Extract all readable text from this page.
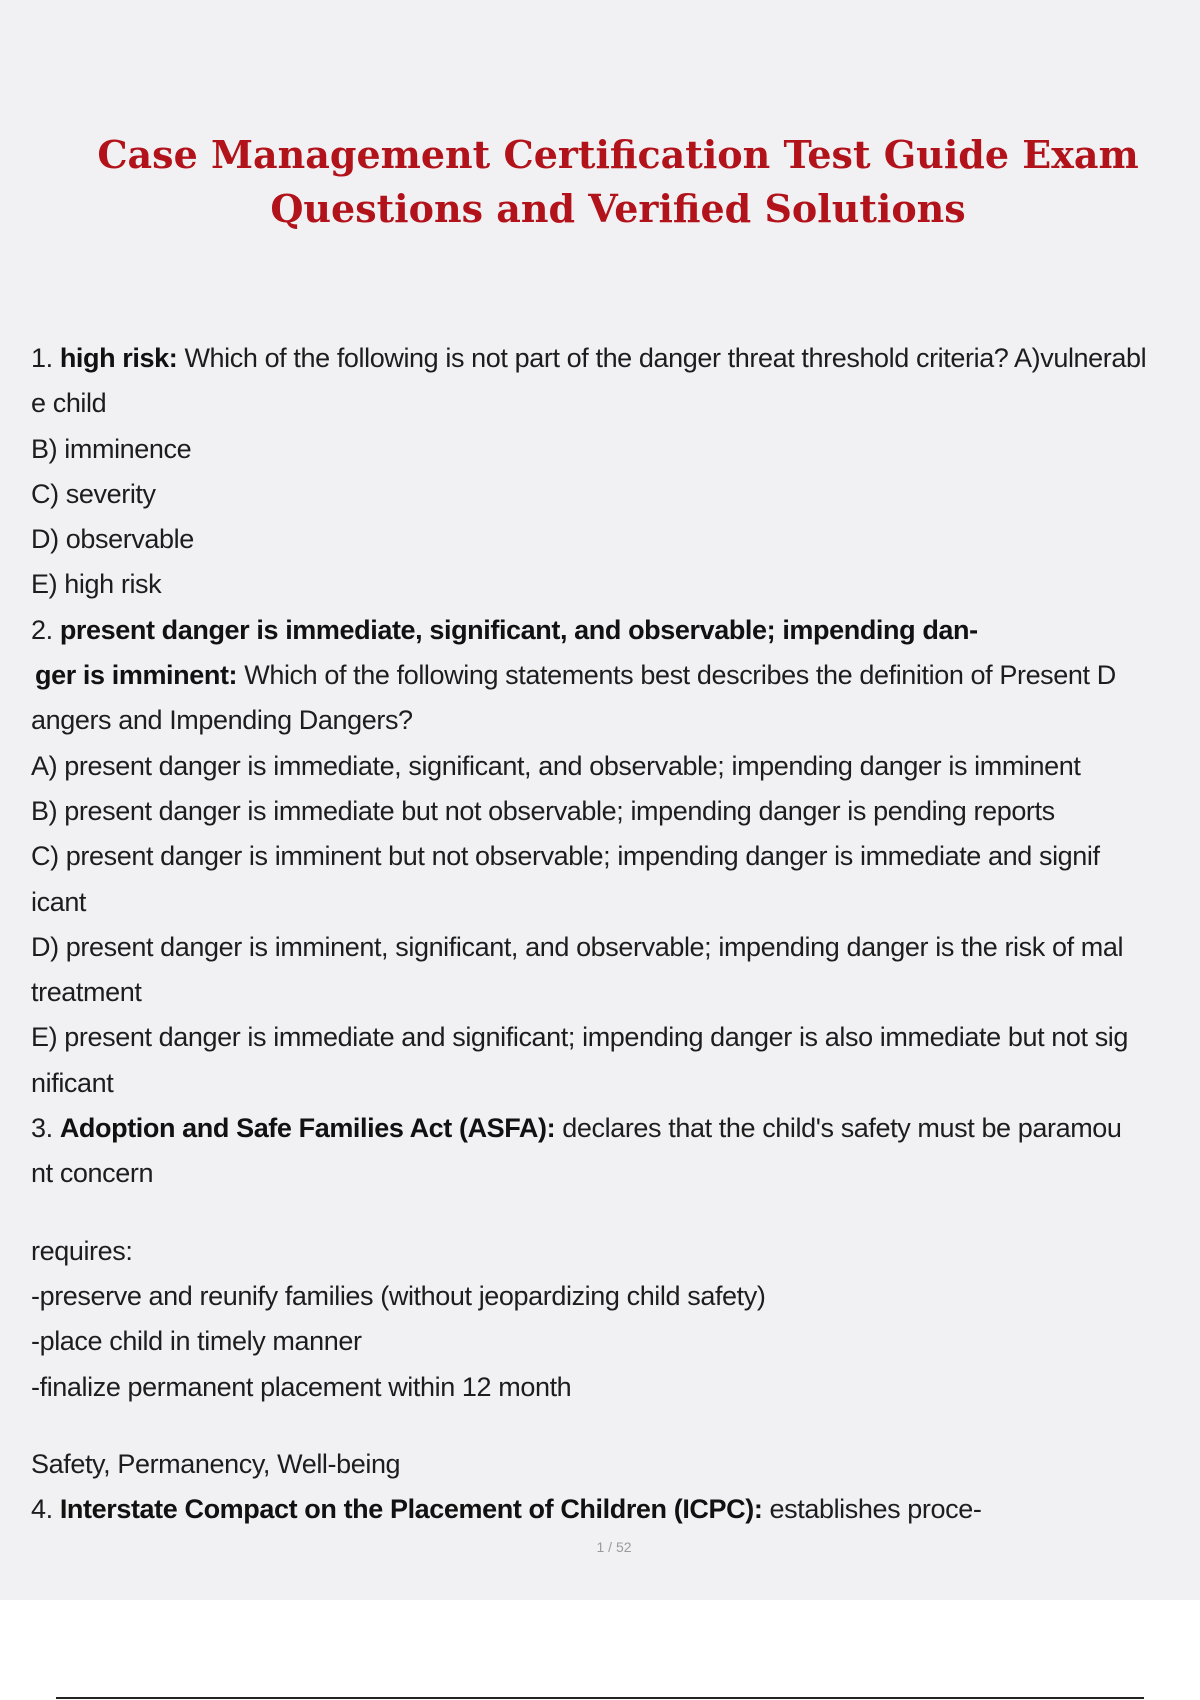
Case Management Certification Test Guide Exam
Questions and Verified Solutions
1. high risk: Which of the following is not part of the danger threat threshold criteria? A)vulnerabl
e child
B) imminence
C) severity
D) observable
E) high risk
2. present danger is immediate, significant, and observable; impending dan-
ger is imminent: Which of the following statements best describes the definition of Present D
angers and Impending Dangers?
A) present danger is immediate, significant, and observable; impending danger is imminent
B) present danger is immediate but not observable; impending danger is pending reports
C) present danger is imminent but not observable; impending danger is immediate and signif
icant
D) present danger is imminent, significant, and observable; impending danger is the risk of mal
treatment
E) present danger is immediate and significant; impending danger is also immediate but not sig
nificant
3. Adoption and Safe Families Act (ASFA): declares that the child's safety must be paramou
nt concern
requires:
-preserve and reunify families (without jeopardizing child safety)
-place child in timely manner
-finalize permanent placement within 12 month
Safety, Permanency, Well-being
4. Interstate Compact on the Placement of Children (ICPC): establishes proce-
1 / 52
